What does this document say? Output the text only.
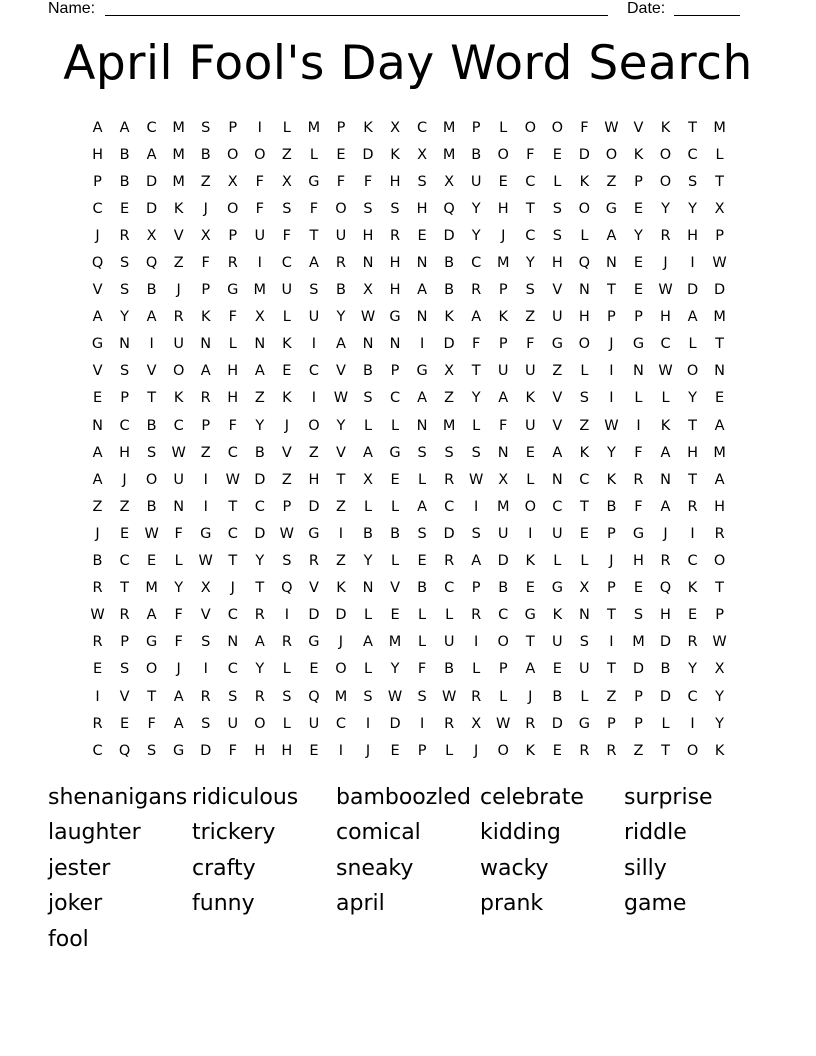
Name:	Date:
April Fool's Day Word Search
A	A	C	M	S	P	I	L	M	P	K	X	C	M	P	L	O	O	F	W	V	K	T	M
H	B	A	M	B	O	O	Z	L	E	D	K	X	M	B	O	F	E	D	O	K	O	C	L
P	B	D	M	Z	X	F	X	G	F	F	H	S	X	U	E	C	L	K	Z	P	O	S	T
C	E	D	K	J	O	F	S	F	O	S	S	H	Q	Y	H	T	S	O	G	E	Y	Y	X
J	R	X	V	X	P	U	F	T	U	H	R	E	D	Y	J	C	S	L	A	Y	R	H	P
Q	S	Q	Z	F	R	I	C	A	R	N	H	N	B	C	M	Y	H	Q	N	E	J	I	W
V	S	B	J	P	G	M	U	S	B	X	H	A	B	R	P	S	V	N	T	E	W D	D
A	Y	A	R	K	F	X	L	U	Y	W G	N	K	A	K	Z	U	H	P	P	H	A	M
G	N	I	U	N	L	N	K	I	A	N	N	I	D	F	P	F	G	O	J	G	C	L	T
V	S	V	O	A	H	A	E	C	V	B	P	G	X	T	U	U	Z	L	I	N W O	N
E	P	T	K	R	H	Z	K	I	W	S	C	A	Z	Y	A	K	V	S	I	L	L	Y	E
N	C	B	C	P	F	Y	J	O	Y	L	L	N	M	L	F	U	V	Z	W	I	K	T	A
A	H	S	W	Z	C	B	V	Z	V	A	G	S	S	S	N	E	A	K	Y	F	A	H	M
A	J	O	U	I	W D	Z	H	T	X	E	L	R	W	X	L	N	C	K	R	N	T	A
Z	Z	B	N	I	T	C	P	D	Z	L	L	A	C	I	M	O	C	T	B	F	A	R	H
J	E	W	F	G	C	D W G	I	B	B	S	D	S	U	I	U	E	P	G	J	I	R
B	C	E	L	W	T	Y	S	R	Z	Y	L	E	R	A	D	K	L	L	J	H	R	C	O
R	T	M	Y	X	J	T	Q	V	K	N	V	B	C	P	B	E	G	X	P	E	Q	K	T
W	R	A	F	V	C	R	I	D	D	L	E	L	L	R	C	G	K	N	T	S	H	E	P
R	P	G	F	S	N	A	R	G	J	A	M	L	U	I	O	T	U	S	I	M	D	R	W
E	S	O	J	I	C	Y	L	E	O	L	Y	F	B	L	P	A	E	U	T	D	B	Y	X
I	V	T	A	R	S	R	S	Q	M	S	W	S	W	R	L	J	B	L	Z	P	D	C	Y
R	E	F	A	S	U	O	L	U	C	I	D	I	R	X	W	R	D	G	P	P	L	I	Y
C	Q	S	G	D	F	H	H	E	I	J	E	P	L	J	O	K	E	R	R	Z	T	O	K
shenanigans ridiculous	bamboozled celebrate	surprise
laughter	trickery	comical	kidding	riddle
jester	crafty	sneaky	wacky	silly
joker	funny	april	prank	game
fool
